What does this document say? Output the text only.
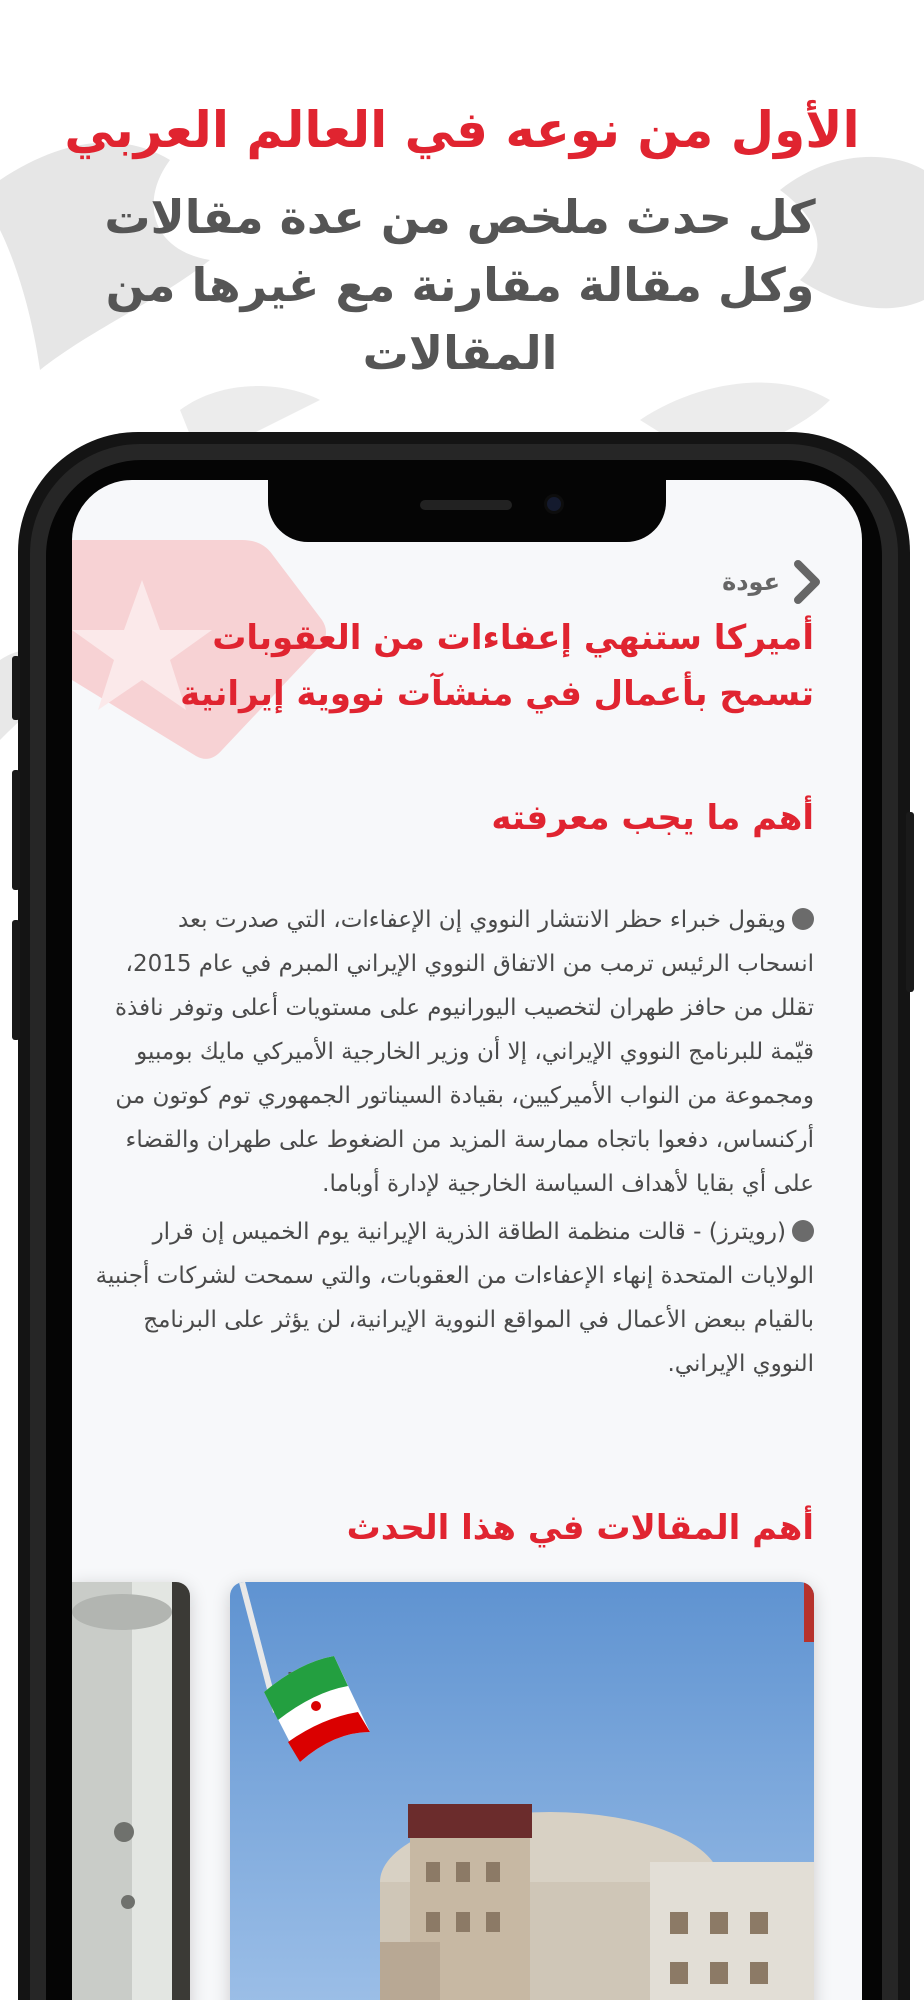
الأول من نوعه في العالم العربي
كل حدث ملخص من عدة مقالات وكل مقالة مقارنة مع غيرها من المقالات
عودة
أميركا ستنهي إعفاءات من العقوبات تسمح بأعمال في منشآت نووية إيرانية
أهم ما يجب معرفته
ويقول خبراء حظر الانتشار النووي إن الإعفاءات، التي صدرت بعد انسحاب الرئيس ترمب من الاتفاق النووي الإيراني المبرم في عام 2015، تقلل من حافز طهران لتخصيب اليورانيوم على مستويات أعلى وتوفر نافذة قيّمة للبرنامج النووي الإيراني، إلا أن وزير الخارجية الأميركي مايك بومبيو ومجموعة من النواب الأميركيين، بقيادة السيناتور الجمهوري توم كوتون من أركنساس، دفعوا باتجاه ممارسة المزيد من الضغوط على طهران والقضاء على أي بقايا لأهداف السياسة الخارجية لإدارة أوباما.
(رويترز) - قالت منظمة الطاقة الذرية الإيرانية يوم الخميس إن قرار الولايات المتحدة إنهاء الإعفاءات من العقوبات، والتي سمحت لشركات أجنبية بالقيام ببعض الأعمال في المواقع النووية الإيرانية، لن يؤثر على البرنامج النووي الإيراني.
أهم المقالات في هذا الحدث
